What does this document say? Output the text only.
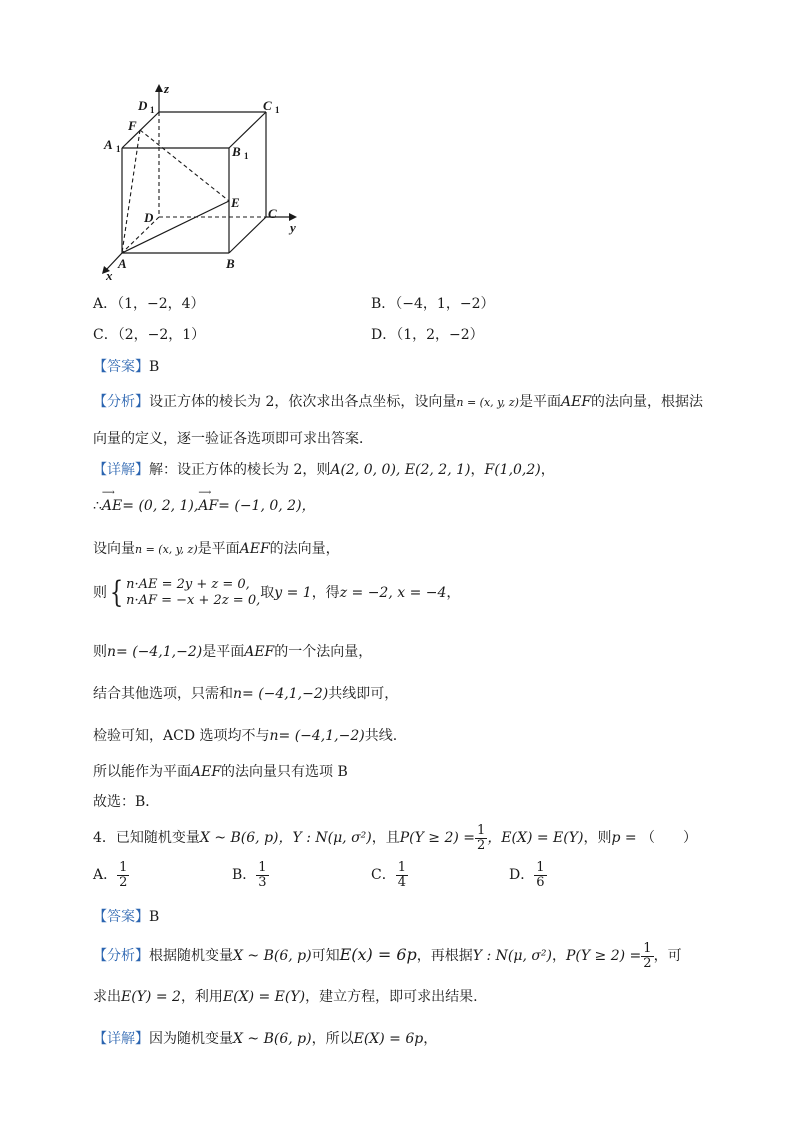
z
y
x
D	C
A	B
F
E
D	C
A	B
1	1
1
1
A．（1，−2，4）	B．（−4，1，−2）
C．（2，−2，1）	D．（1，2，−2）
【答案】B
【分析】设正方体的棱长为 2，依次求出各点坐标，设向量n = (x, y, z)是平面AEF的法向量，根据法
向量的定义，逐一验证各选项即可求出答案．
【详解】解：设正方体的棱长为 2，则A(2, 0, 0), E(2, 2, 1)，F(1,0,2)，
∴AE
⟶
= (0, 2, 1),AF
⟶
= (−1, 0, 2)，
设向量n = (x, y, z)是平面AEF的法向量，
则{ n·AE = 2y + z = 0,
n·AF = −x + 2z = 0, 取y = 1，得z = −2, x = −4，
则n= (−4,1,−2)是平面AEF的一个法向量，
结合其他选项，只需和n= (−4,1,−2)共线即可，
检验可知，ACD 选项均不与n= (−4,1,−2)共线.
所以能作为平面AEF的法向量只有选项 B
故选：B．
4．已知随机变量X ~ B(6, p)，Y : N(μ, σ²)，且$P(Y \ge 2) = \frac{1}{2}$ ，E(X) = E(Y)，则p = （　　）
A． $\frac{1}{2}$	B． $\frac{1}{3}$	C． $\frac{1}{4}$	D． $\frac{1}{6}$
【答案】B
【分析】根据随机变量X ~ B(6, p)可知E(x) = 6p，再根据Y : N(μ, σ²)，$P(Y \ge 2) = \frac{1}{2}$ ，可
求出E(Y) = 2，利用E(X) = E(Y)，建立方程，即可求出结果.
【详解】因为随机变量X ~ B(6, p)，所以E(X) = 6p，
